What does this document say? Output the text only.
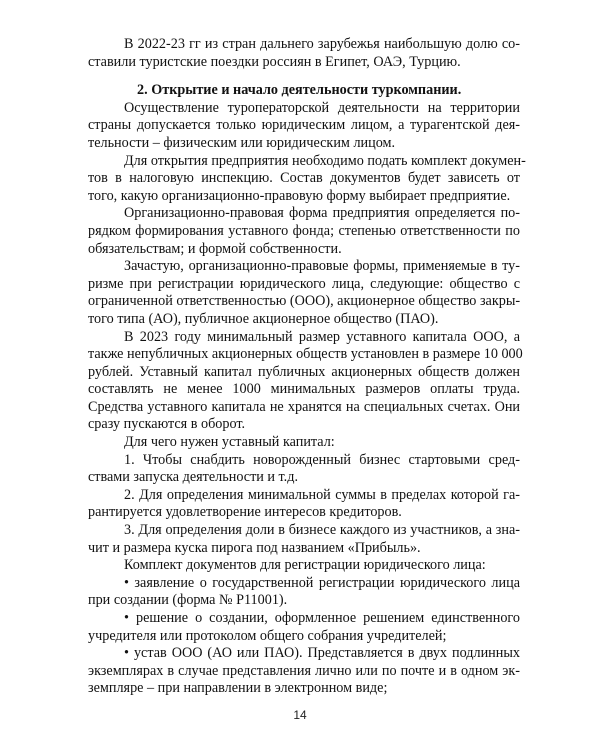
В 2022-23 гг из стран дальнего зарубежья наибольшую долю со-
ставили туристские поездки россиян в Египет, ОАЭ, Турцию.
2. Открытие и начало деятельности туркомпании.
Осуществление туроператорской деятельности на территории
страны допускается только юридическим лицом, а турагентской дея-
тельности – физическим или юридическим лицом.
Для открытия предприятия необходимо подать комплект докумен-
тов в налоговую инспекцию. Состав документов будет зависеть от
того, какую организационно-правовую форму выбирает предприятие.
Организационно-правовая форма предприятия определяется по-
рядком формирования уставного фонда; степенью ответственности по
обязательствам; и формой собственности.
Зачастую, организационно-правовые формы, применяемые в ту-
ризме при регистрации юридического лица, следующие: общество с
ограниченной ответственностью (ООО), акционерное общество закры-
того типа (АО), публичное акционерное общество (ПАО).
В 2023 году минимальный размер уставного капитала ООО, а
также непубличных акционерных обществ установлен в размере 10 000
рублей. Уставный капитал публичных акционерных обществ должен
составлять не менее 1000 минимальных размеров оплаты труда.
Средства уставного капитала не хранятся на специальных счетах. Они
сразу пускаются в оборот.
Для чего нужен уставный капитал:
1. Чтобы снабдить новорожденный бизнес стартовыми сред-
ствами запуска деятельности и т.д.
2. Для определения минимальной суммы в пределах которой га-
рантируется удовлетворение интересов кредиторов.
3. Для определения доли в бизнесе каждого из участников, а зна-
чит и размера куска пирога под названием «Прибыль».
Комплект документов для регистрации юридического лица:
• заявление о государственной регистрации юридического лица
при создании (форма № Р11001).
• решение о создании, оформленное решением единственного
учредителя или протоколом общего собрания учредителей;
• устав ООО (АО или ПАО). Представляется в двух подлинных
экземплярах в случае представления лично или по почте и в одном эк-
земпляре – при направлении в электронном виде;
14
